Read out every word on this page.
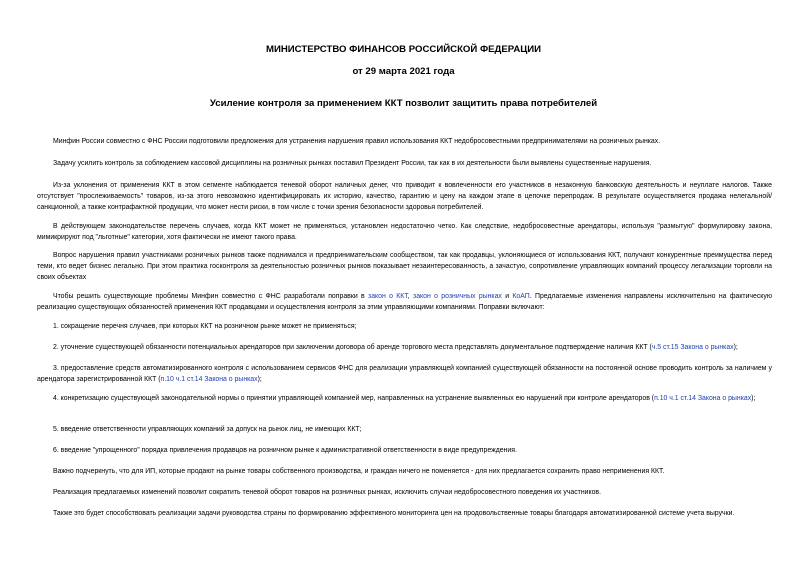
МИНИСТЕРСТВО ФИНАНСОВ РОССИЙСКОЙ ФЕДЕРАЦИИ
от 29 марта 2021 года
Усиление контроля за применением ККТ позволит защитить права потребителей
Минфин России совместно с ФНС России подготовили предложения для устранения нарушения правил использования ККТ недобросовестными предпринимателями на розничных рынках.
Задачу усилить контроль за соблюдением кассовой дисциплины на розничных рынках поставил Президент России, так как в их деятельности были выявлены существенные нарушения.
Из-за уклонения от применения ККТ в этом сегменте наблюдается теневой оборот наличных денег, что приводит к вовлеченности его участников в незаконную банковскую деятельность и неуплате налогов. Также отсутствует "прослеживаемость" товаров, из-за этого невозможно идентифицировать их историю, качество, гарантию и цену на каждом этапе в цепочке перепродаж. В результате осуществляется продажа нелегальной/санкционной, а также контрафактной продукции, что может нести риски, в том числе с точки зрения безопасности здоровья потребителей.
В действующем законодательстве перечень случаев, когда ККТ может не применяться, установлен недостаточно четко. Как следствие, недобросовестные арендаторы, используя "размытую" формулировку закона, мимикрируют под "льготные" категории, хотя фактически не имеют такого права.
Вопрос нарушения правил участниками розничных рынков также поднимался и предпринимательским сообществом, так как продавцы, уклоняющиеся от использования ККТ, получают конкурентные преимущества перед теми, кто ведет бизнес легально. При этом практика госконтроля за деятельностью розничных рынков показывает незаинтересованность, а зачастую, сопротивление управляющих компаний процессу легализации торговли на своих объектах
Чтобы решить существующие проблемы Минфин совместно с ФНС разработали поправки в закон о ККТ, закон о розничных рынках и КоАП. Предлагаемые изменения направлены исключительно на фактическую реализацию существующих обязанностей применения ККТ продавцами и осуществления контроля за этим управляющими компаниями. Поправки включают:
1. сокращение перечня случаев, при которых ККТ на розничном рынке может не применяться;
2. уточнение существующей обязанности потенциальных арендаторов при заключении договора об аренде торгового места представлять документальное подтверждение наличия ККТ (ч.5 ст.15 Закона о рынках);
3. предоставление средств автоматизированного контроля с использованием сервисов ФНС для реализации управляющей компанией существующей обязанности на постоянной основе проводить контроль за наличием у арендатора зарегистрированной ККТ (п.10 ч.1 ст.14 Закона о рынках);
4. конкретизацию существующей законодательной нормы о принятии управляющей компанией мер, направленных на устранение выявленных ею нарушений при контроле арендаторов (п.10 ч.1 ст.14 Закона о рынках);
5. введение ответственности управляющих компаний за допуск на рынок лиц, не имеющих ККТ;
6. введение "упрощенного" порядка привлечения продавцов на розничном рынке к административной ответственности в виде предупреждения.
Важно подчеркнуть, что для ИП, которые продают на рынке товары собственного производства, и граждан ничего не поменяется - для них предлагается сохранить право неприменения ККТ.
Реализация предлагаемых изменений позволит сократить теневой оборот товаров на розничных рынках, исключить случаи недобросовестного поведения их участников.
Также это будет способствовать реализации задачи руководства страны по формированию эффективного мониторинга цен на продовольственные товары благодаря автоматизированной системе учета выручки.
